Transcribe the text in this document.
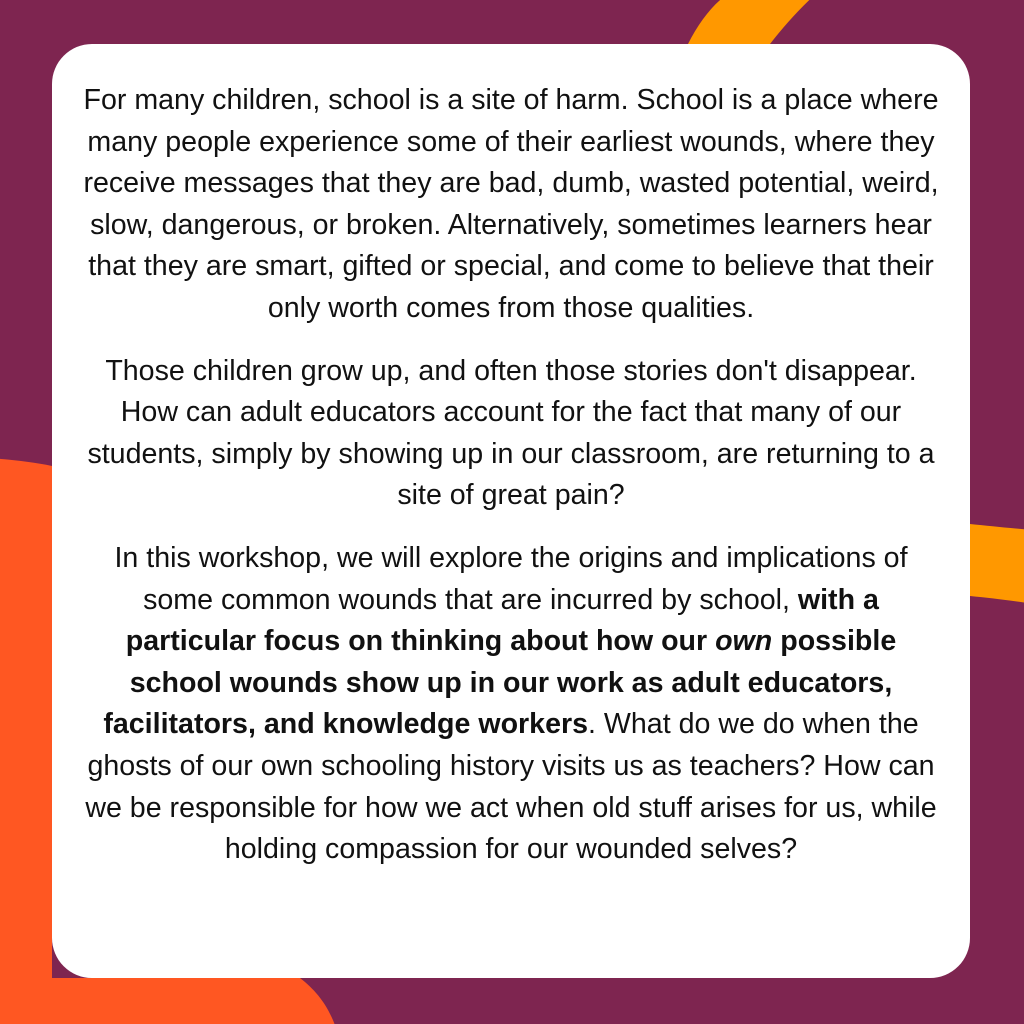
For many children, school is a site of harm. School is a place where many people experience some of their earliest wounds, where they receive messages that they are bad, dumb, wasted potential, weird, slow, dangerous, or broken. Alternatively, sometimes learners hear that they are smart, gifted or special, and come to believe that their only worth comes from those qualities.

Those children grow up, and often those stories don't disappear. How can adult educators account for the fact that many of our students, simply by showing up in our classroom, are returning to a site of great pain?

In this workshop, we will explore the origins and implications of some common wounds that are incurred by school, with a particular focus on thinking about how our own possible school wounds show up in our work as adult educators, facilitators, and knowledge workers. What do we do when the ghosts of our own schooling history visits us as teachers? How can we be responsible for how we act when old stuff arises for us, while holding compassion for our wounded selves?
